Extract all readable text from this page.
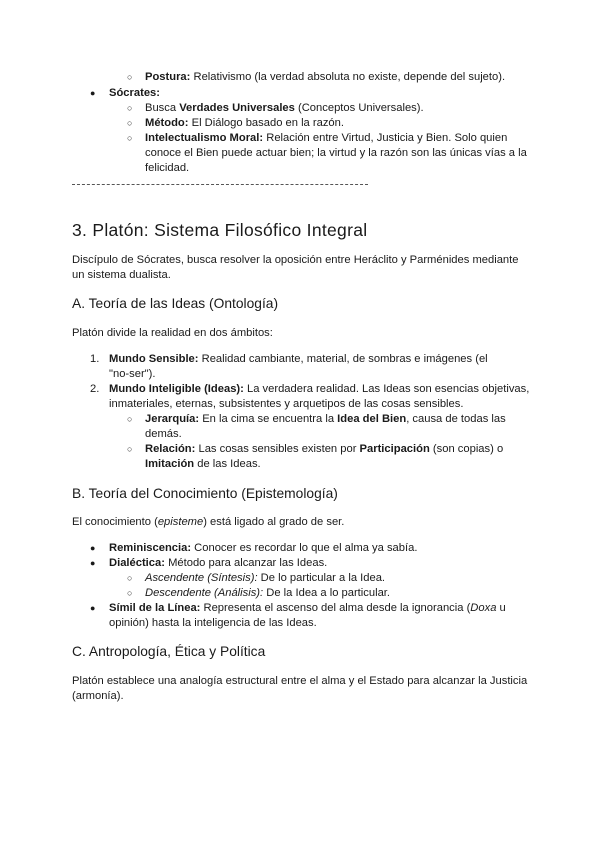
○ Postura: Relativismo (la verdad absoluta no existe, depende del sujeto).
● Sócrates:
○ Busca Verdades Universales (Conceptos Universales).
○ Método: El Diálogo basado en la razón.
○ Intelectualismo Moral: Relación entre Virtud, Justicia y Bien. Solo quien
conoce el Bien puede actuar bien; la virtud y la razón son las únicas vías a la
felicidad.
3. Platón: Sistema Filosófico Integral
Discípulo de Sócrates, busca resolver la oposición entre Heráclito y Parménides mediante
un sistema dualista.
A. Teoría de las Ideas (Ontología)
Platón divide la realidad en dos ámbitos:
1. Mundo Sensible: Realidad cambiante, material, de sombras e imágenes (el
"no-ser").
2. Mundo Inteligible (Ideas): La verdadera realidad. Las Ideas son esencias objetivas,
inmateriales, eternas, subsistentes y arquetipos de las cosas sensibles.
○ Jerarquía: En la cima se encuentra la Idea del Bien, causa de todas las
demás.
○ Relación: Las cosas sensibles existen por Participación (son copias) o
Imitación de las Ideas.
B. Teoría del Conocimiento (Epistemología)
El conocimiento (episteme) está ligado al grado de ser.
● Reminiscencia: Conocer es recordar lo que el alma ya sabía.
● Dialéctica: Método para alcanzar las Ideas.
○ Ascendente (Síntesis): De lo particular a la Idea.
○ Descendente (Análisis): De la Idea a lo particular.
● Símil de la Línea: Representa el ascenso del alma desde la ignorancia (Doxa u
opinión) hasta la inteligencia de las Ideas.
C. Antropología, Ética y Política
Platón establece una analogía estructural entre el alma y el Estado para alcanzar la Justicia
(armonía).
